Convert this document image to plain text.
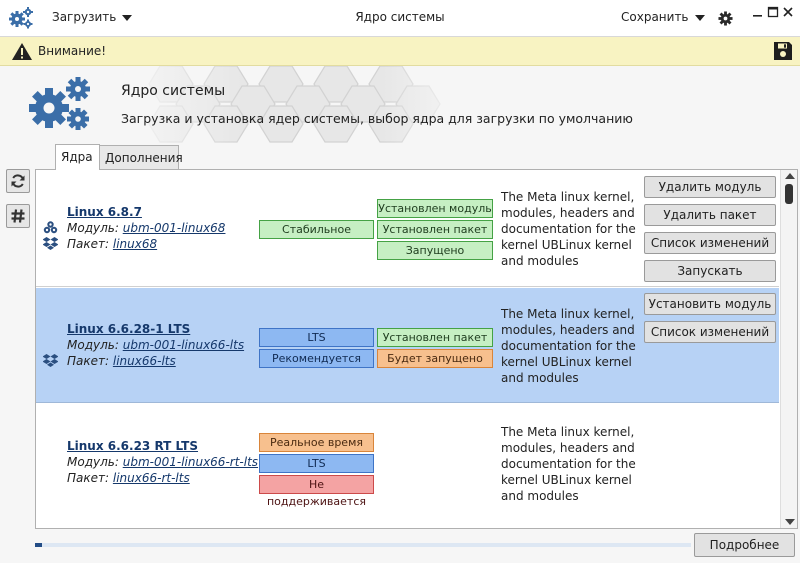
Загрузить	Ядро системы	Сохранить
Внимание!
Ядро системы
Загрузка и установка ядер системы, выбор ядра для загрузки по умолчанию
Ядра	Дополнения
Linux 6.8.7
Модуль: ubm-001-linux68
Пакет: linux68
Стабильное
Установлен модуль
Установлен пакет
Запущено
The Meta linux kernel, modules, headers and documentation for the kernel UBLinux kernel and modules
Удалить модуль
Удалить пакет
Список изменений
Запускать
Linux 6.6.28-1 LTS
Модуль: ubm-001-linux66-lts
Пакет: linux66-lts
LTS
Рекомендуется
Установлен пакет
Будет запущено
The Meta linux kernel, modules, headers and documentation for the kernel UBLinux kernel and modules
Установить модуль
Список изменений
Linux 6.6.23 RT LTS
Модуль: ubm-001-linux66-rt-lts
Пакет: linux66-rt-lts
Реальное время
LTS
Не поддерживается
The Meta linux kernel, modules, headers and documentation for the kernel UBLinux kernel and modules
Подробнее
